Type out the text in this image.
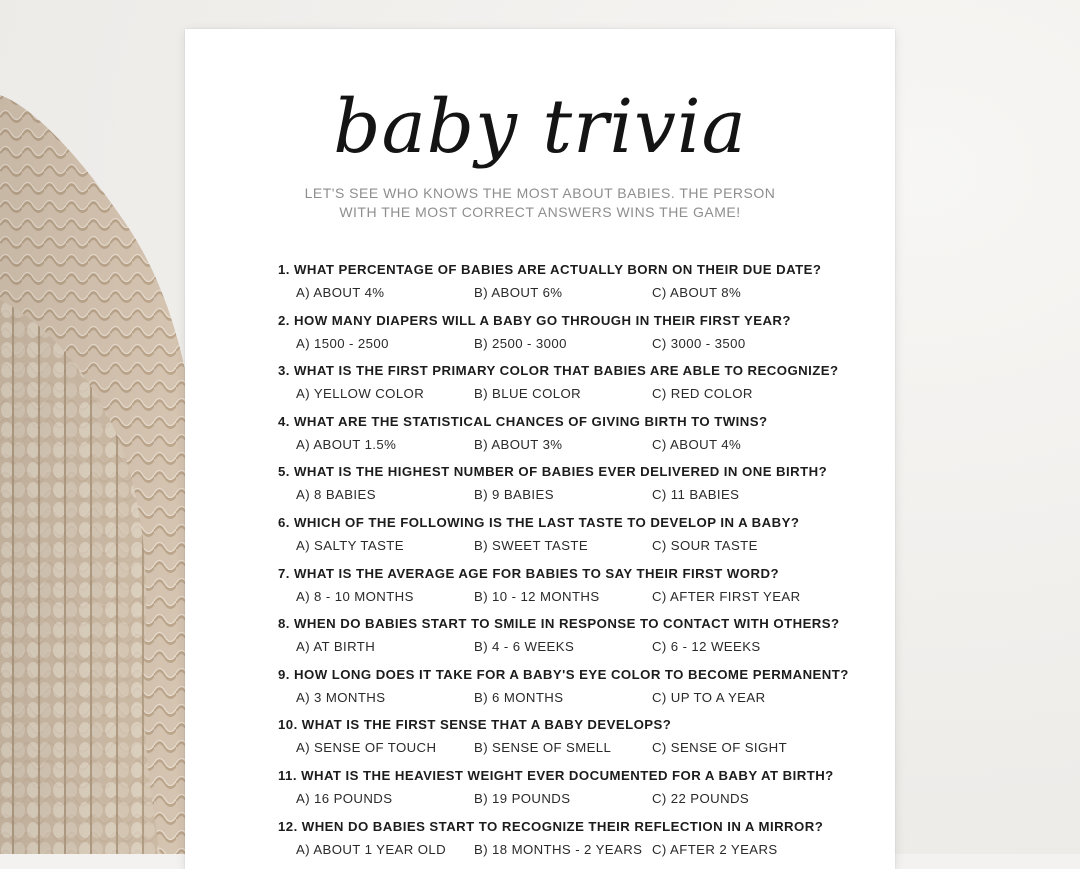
baby trivia
LET'S SEE WHO KNOWS THE MOST ABOUT BABIES. THE PERSON WITH THE MOST CORRECT ANSWERS WINS THE GAME!
1. WHAT PERCENTAGE OF BABIES ARE ACTUALLY BORN ON THEIR DUE DATE?
A) ABOUT 4%	B) ABOUT 6%	C) ABOUT 8%
2. HOW MANY DIAPERS WILL A BABY GO THROUGH IN THEIR FIRST YEAR?
A) 1500 - 2500	B) 2500 - 3000	C) 3000 - 3500
3. WHAT IS THE FIRST PRIMARY COLOR THAT BABIES ARE ABLE TO RECOGNIZE?
A) YELLOW COLOR	B) BLUE COLOR	C) RED COLOR
4. WHAT ARE THE STATISTICAL CHANCES OF GIVING BIRTH TO TWINS?
A) ABOUT 1.5%	B) ABOUT 3%	C) ABOUT 4%
5. WHAT IS THE HIGHEST NUMBER OF BABIES EVER DELIVERED IN ONE BIRTH?
A) 8 BABIES	B) 9 BABIES	C) 11 BABIES
6. WHICH OF THE FOLLOWING IS THE LAST TASTE TO DEVELOP IN A BABY?
A) SALTY TASTE	B) SWEET TASTE	C) SOUR TASTE
7. WHAT IS THE AVERAGE AGE FOR BABIES TO SAY THEIR FIRST WORD?
A) 8 - 10 MONTHS	B) 10 - 12 MONTHS	C) AFTER FIRST YEAR
8. WHEN DO BABIES START TO SMILE IN RESPONSE TO CONTACT WITH OTHERS?
A) AT BIRTH	B) 4 - 6 WEEKS	C) 6 - 12 WEEKS
9. HOW LONG DOES IT TAKE FOR A BABY'S EYE COLOR TO BECOME PERMANENT?
A) 3 MONTHS	B) 6 MONTHS	C) UP TO A YEAR
10. WHAT IS THE FIRST SENSE THAT A BABY DEVELOPS?
A) SENSE OF TOUCH	B) SENSE OF SMELL	C) SENSE OF SIGHT
11. WHAT IS THE HEAVIEST WEIGHT EVER DOCUMENTED FOR A BABY AT BIRTH?
A) 16 POUNDS	B) 19 POUNDS	C) 22 POUNDS
12. WHEN DO BABIES START TO RECOGNIZE THEIR REFLECTION IN A MIRROR?
A) ABOUT 1 YEAR OLD B) 18 MONTHS - 2 YEARS C) AFTER 2 YEARS
